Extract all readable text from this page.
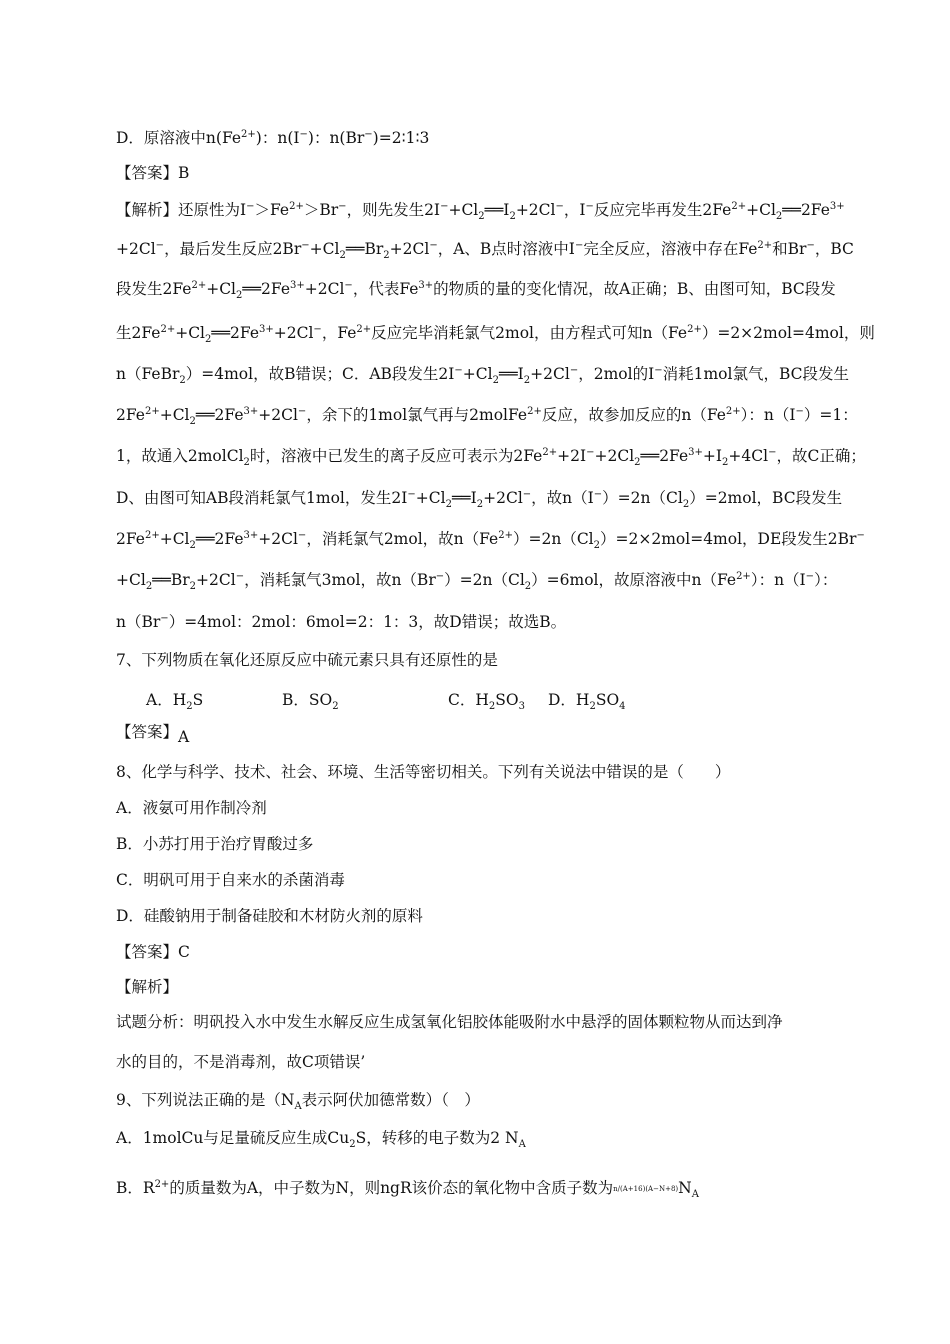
D．原溶液中$n(Fe^{2+})$：n(I−)：n(Br−)=2∶1∶3
【答案】B
【解析】还原性为$I^->Fe^{2+}>Br^-$，则先发生$2I^-+Cl_2══I_2+2Cl^-$，I−反应完毕再发生$2Fe^{2+}+Cl_2══2Fe^{3+}$
+2Cl−，最后发生反应$2Br^-+Cl_2══Br_2+2Cl^-$，A、B点时溶液中I−完全反应，溶液中存在$Fe^{2+}$和Br−，BC
段发生$2Fe^{2+}+Cl_2══2Fe^{3+}+2Cl^-$，代表$Fe^{3+}$的物质的量的变化情况，故A正确；B、由图可知，BC段发
生$2Fe^{2+}+Cl_2══2Fe^{3+}+2Cl^-$，$Fe^{2+}$反应完毕消耗氯气2mol，由方程式可知$n(Fe^{2+})=2\times 2mol=4mol$，则
n（FeBr$_2$）=4mol，故B错误；C．AB段发生$2I^-+Cl_2══I_2+2Cl^-$，2mol的I−消耗1mol氯气，BC段发生
$2Fe^{2+}+Cl_2══2Fe^{3+}+2Cl^-$，余下的1mol氯气再与2molFe$^{2+}$反应，故参加反应的$n(Fe^{2+})$：n（I−）=1：
1，故通入2molCl$_2$时，溶液中已发生的离子反应可表示为$2Fe^{2+}+2I^-+2Cl_2══2Fe^{3+}+I_2+4Cl^-$，故C正确；
D、由图可知AB段消耗氯气1mol，发生$2I^-+Cl_2══I_2+2Cl^-$，故$n(I^-)=2n(Cl_2)=2mol$，BC段发生
$2Fe^{2+}+Cl_2══2Fe^{3+}+2Cl^-$，消耗氯气2mol，故$n(Fe^{2+})=2n(Cl_2)=2\times 2mol=4mol$，DE段发生2Br−
$+Cl_2══Br_2+2Cl^-$，消耗氯气3mol，故$n(Br^-)=2n(Cl_2)=6mol$，故原溶液中$n(Fe^{2+})$：n（I−）：
n（Br−）=4mol：2mol：6mol=2：1：3，故D错误；故选B。
7、下列物质在氧化还原反应中硫元素只具有还原性的是
A．$H_2S$	B．$SO_2$	C．$H_2SO_3$ D．$H_2SO_4$
【答案】A
8、化学与科学、技术、社会、环境、生活等密切相关。下列有关说法中错误的是（　　）
A．液氨可用作制冷剂
B．小苏打用于治疗胃酸过多
C．明矾可用于自来水的杀菌消毒
D．硅酸钠用于制备硅胶和木材防火剂的原料
【答案】C
【解析】
试题分析：明矾投入水中发生水解反应生成氢氧化铝胶体能吸附水中悬浮的固体颗粒物从而达到净
水的目的，不是消毒剂，故C项错误’
9、下列说法正确的是（$N_A$表示阿伏加德常数）（　）
A．1molCu与足量硫反应生成$Cu_2S$，转移的电子数为2 $N_A$
B．$R^{2+}$的质量数为A，中子数为N，则ngR该价态的氧化物中含质子数为$n/(A+16)(A-N+8)N_A$
